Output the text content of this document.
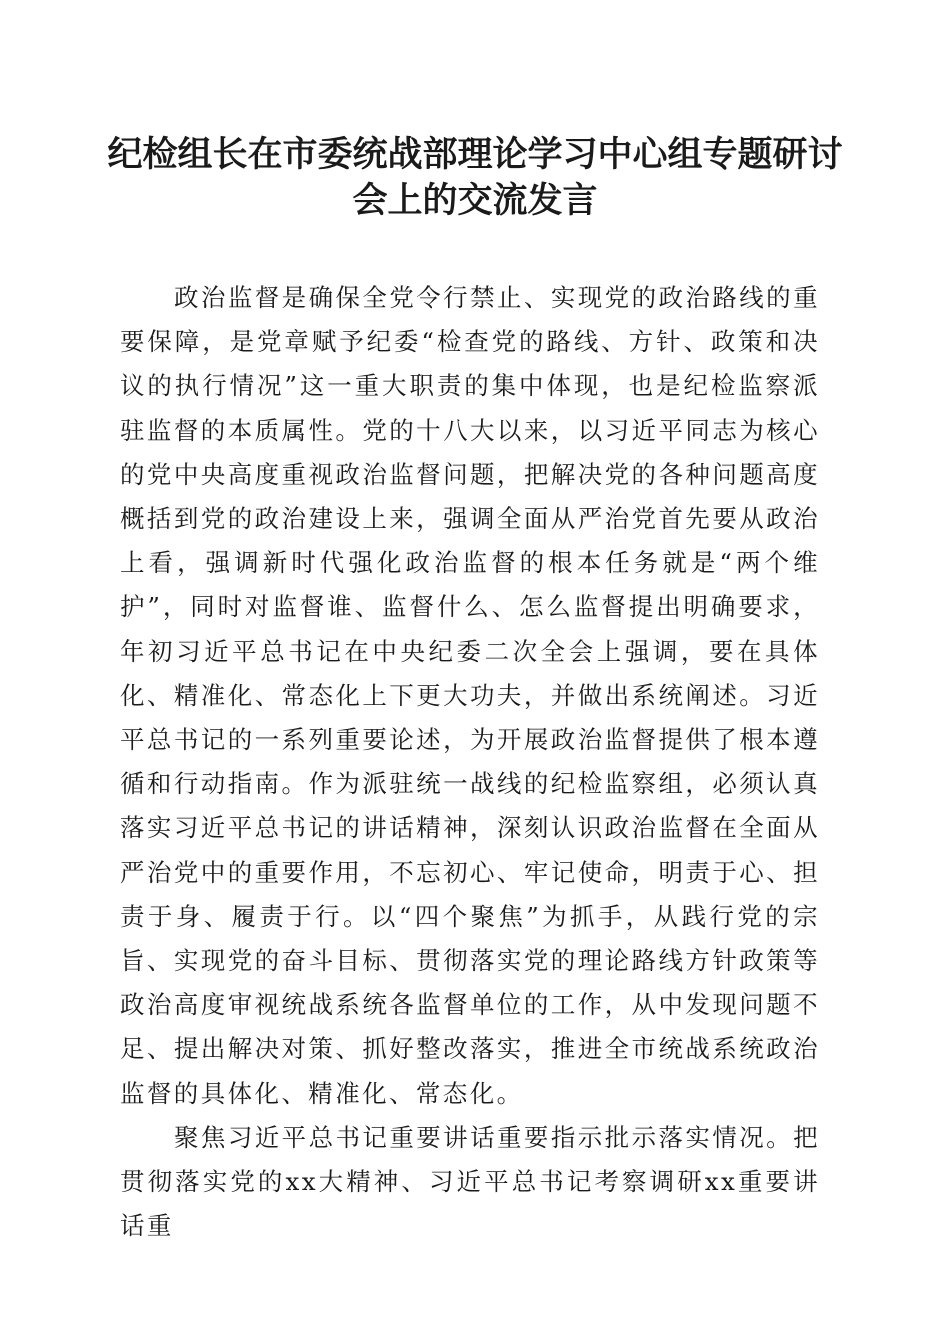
纪检组长在市委统战部理论学习中心组专题研讨会上的交流发言

政治监督是确保全党令行禁止、实现党的政治路线的重要保障，是党章赋予纪委“检查党的路线、方针、政策和决议的执行情况”这一重大职责的集中体现，也是纪检监察派驻监督的本质属性。党的十八大以来，以习近平同志为核心的党中央高度重视政治监督问题，把解决党的各种问题高度概括到党的政治建设上来，强调全面从严治党首先要从政治上看，强调新时代强化政治监督的根本任务就是“两个维护”，同时对监督谁、监督什么、怎么监督提出明确要求，年初习近平总书记在中央纪委二次全会上强调，要在具体化、精准化、常态化上下更大功夫，并做出系统阐述。习近平总书记的一系列重要论述，为开展政治监督提供了根本遵循和行动指南。作为派驻统一战线的纪检监察组，必须认真落实习近平总书记的讲话精神，深刻认识政治监督在全面从严治党中的重要作用，不忘初心、牢记使命，明责于心、担责于身、履责于行。以“四个聚焦”为抓手，从践行党的宗旨、实现党的奋斗目标、贯彻落实党的理论路线方针政策等政治高度审视统战系统各监督单位的工作，从中发现问题不足、提出解决对策、抓好整改落实，推进全市统战系统政治监督的具体化、精准化、常态化。

聚焦习近平总书记重要讲话重要指示批示落实情况。把贯彻落实党的xx大精神、习近平总书记考察调研xx重要讲话重
